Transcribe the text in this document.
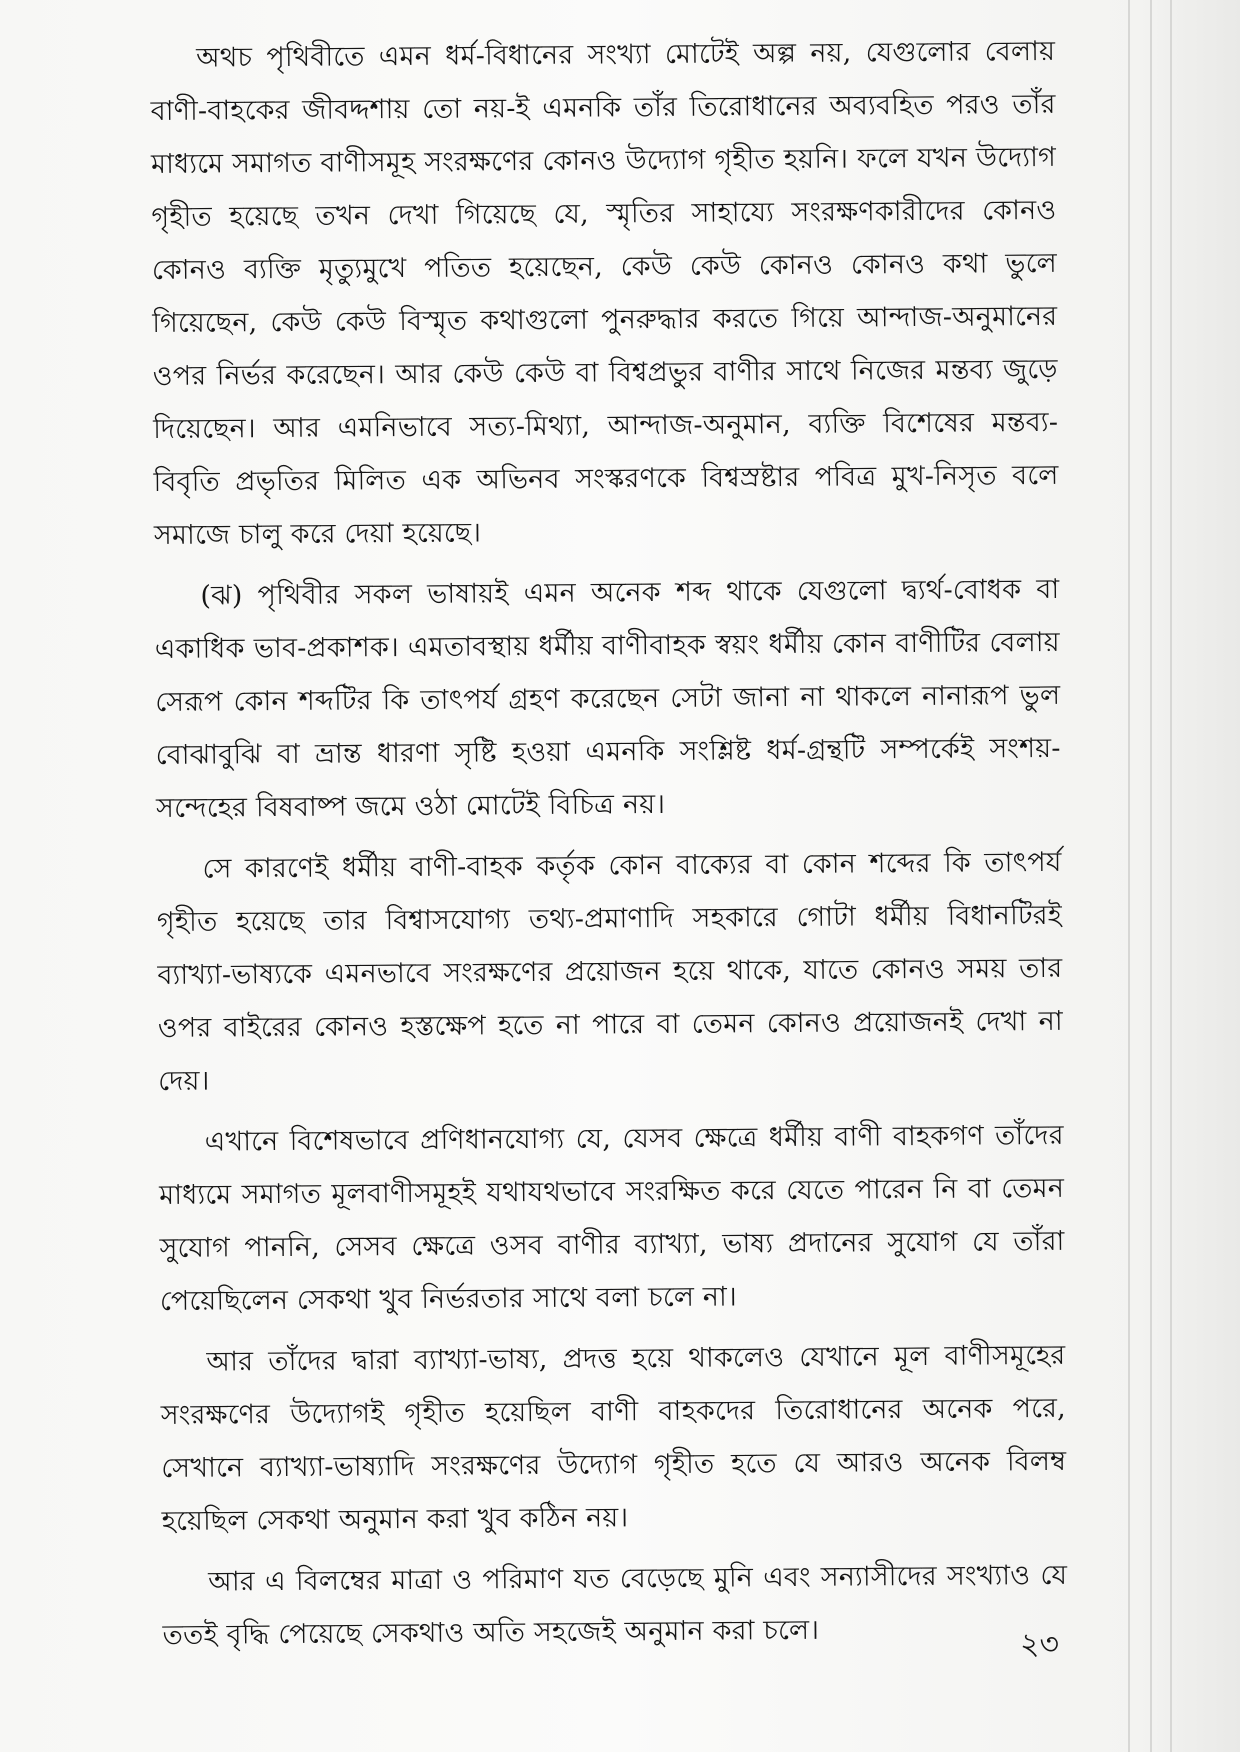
অথচ পৃথিবীতে এমন ধর্ম-বিধানের সংখ্যা মোটেই অল্প নয়, যেগুলোর বেলায় বাণী-বাহকের জীবদ্দশায় তো নয়-ই এমনকি তাঁর তিরোধানের অব্যবহিত পরও তাঁর মাধ্যমে সমাগত বাণীসমূহ সংরক্ষণের কোনও উদ্যোগ গৃহীত হয়নি। ফলে যখন উদ্যোগ গৃহীত হয়েছে তখন দেখা গিয়েছে যে, স্মৃতির সাহায্যে সংরক্ষণকারীদের কোনও কোনও ব্যক্তি মৃত্যুমুখে পতিত হয়েছেন, কেউ কেউ কোনও কোনও কথা ভুলে গিয়েছেন, কেউ কেউ বিস্মৃত কথাগুলো পুনরুদ্ধার করতে গিয়ে আন্দাজ-অনুমানের ওপর নির্ভর করেছেন। আর কেউ কেউ বা বিশ্বপ্রভুর বাণীর সাথে নিজের মন্তব্য জুড়ে দিয়েছেন। আর এমনিভাবে সত্য-মিথ্যা, আন্দাজ-অনুমান, ব্যক্তি বিশেষের মন্তব্য-বিবৃতি প্রভৃতির মিলিত এক অভিনব সংস্করণকে বিশ্বস্রষ্টার পবিত্র মুখ-নিসৃত বলে সমাজে চালু করে দেয়া হয়েছে।

(ঝ) পৃথিবীর সকল ভাষায়ই এমন অনেক শব্দ থাকে যেগুলো দ্ব্যর্থ-বোধক বা একাধিক ভাব-প্রকাশক। এমতাবস্থায় ধর্মীয় বাণীবাহক স্বয়ং ধর্মীয় কোন বাণীটির বেলায় সেরূপ কোন শব্দটির কি তাৎপর্য গ্রহণ করেছেন সেটা জানা না থাকলে নানারূপ ভুল বোঝাবুঝি বা ভ্রান্ত ধারণা সৃষ্টি হওয়া এমনকি সংশ্লিষ্ট ধর্ম-গ্রন্থটি সম্পর্কেই সংশয়-সন্দেহের বিষবাষ্প জমে ওঠা মোটেই বিচিত্র নয়।

সে কারণেই ধর্মীয় বাণী-বাহক কর্তৃক কোন বাক্যের বা কোন শব্দের কি তাৎপর্য গৃহীত হয়েছে তার বিশ্বাসযোগ্য তথ্য-প্রমাণাদি সহকারে গোটা ধর্মীয় বিধানটিরই ব্যাখ্যা-ভাষ্যকে এমনভাবে সংরক্ষণের প্রয়োজন হয়ে থাকে, যাতে কোনও সময় তার ওপর বাইরের কোনও হস্তক্ষেপ হতে না পারে বা তেমন কোনও প্রয়োজনই দেখা না দেয়।

এখানে বিশেষভাবে প্রণিধানযোগ্য যে, যেসব ক্ষেত্রে ধর্মীয় বাণী বাহকগণ তাঁদের মাধ্যমে সমাগত মূলবাণীসমূহই যথাযথভাবে সংরক্ষিত করে যেতে পারেন নি বা তেমন সুযোগ পাননি, সেসব ক্ষেত্রে ওসব বাণীর ব্যাখ্যা, ভাষ্য প্রদানের সুযোগ যে তাঁরা পেয়েছিলেন সেকথা খুব নির্ভরতার সাথে বলা চলে না।

আর তাঁদের দ্বারা ব্যাখ্যা-ভাষ্য, প্রদত্ত হয়ে থাকলেও যেখানে মূল বাণীসমূহের সংরক্ষণের উদ্যোগই গৃহীত হয়েছিল বাণী বাহকদের তিরোধানের অনেক পরে, সেখানে ব্যাখ্যা-ভাষ্যাদি সংরক্ষণের উদ্যোগ গৃহীত হতে যে আরও অনেক বিলম্ব হয়েছিল সেকথা অনুমান করা খুব কঠিন নয়।

আর এ বিলম্বের মাত্রা ও পরিমাণ যত বেড়েছে মুনি এবং সন্যাসীদের সংখ্যাও যে ততই বৃদ্ধি পেয়েছে সেকথাও অতি সহজেই অনুমান করা চলে।	২৩
